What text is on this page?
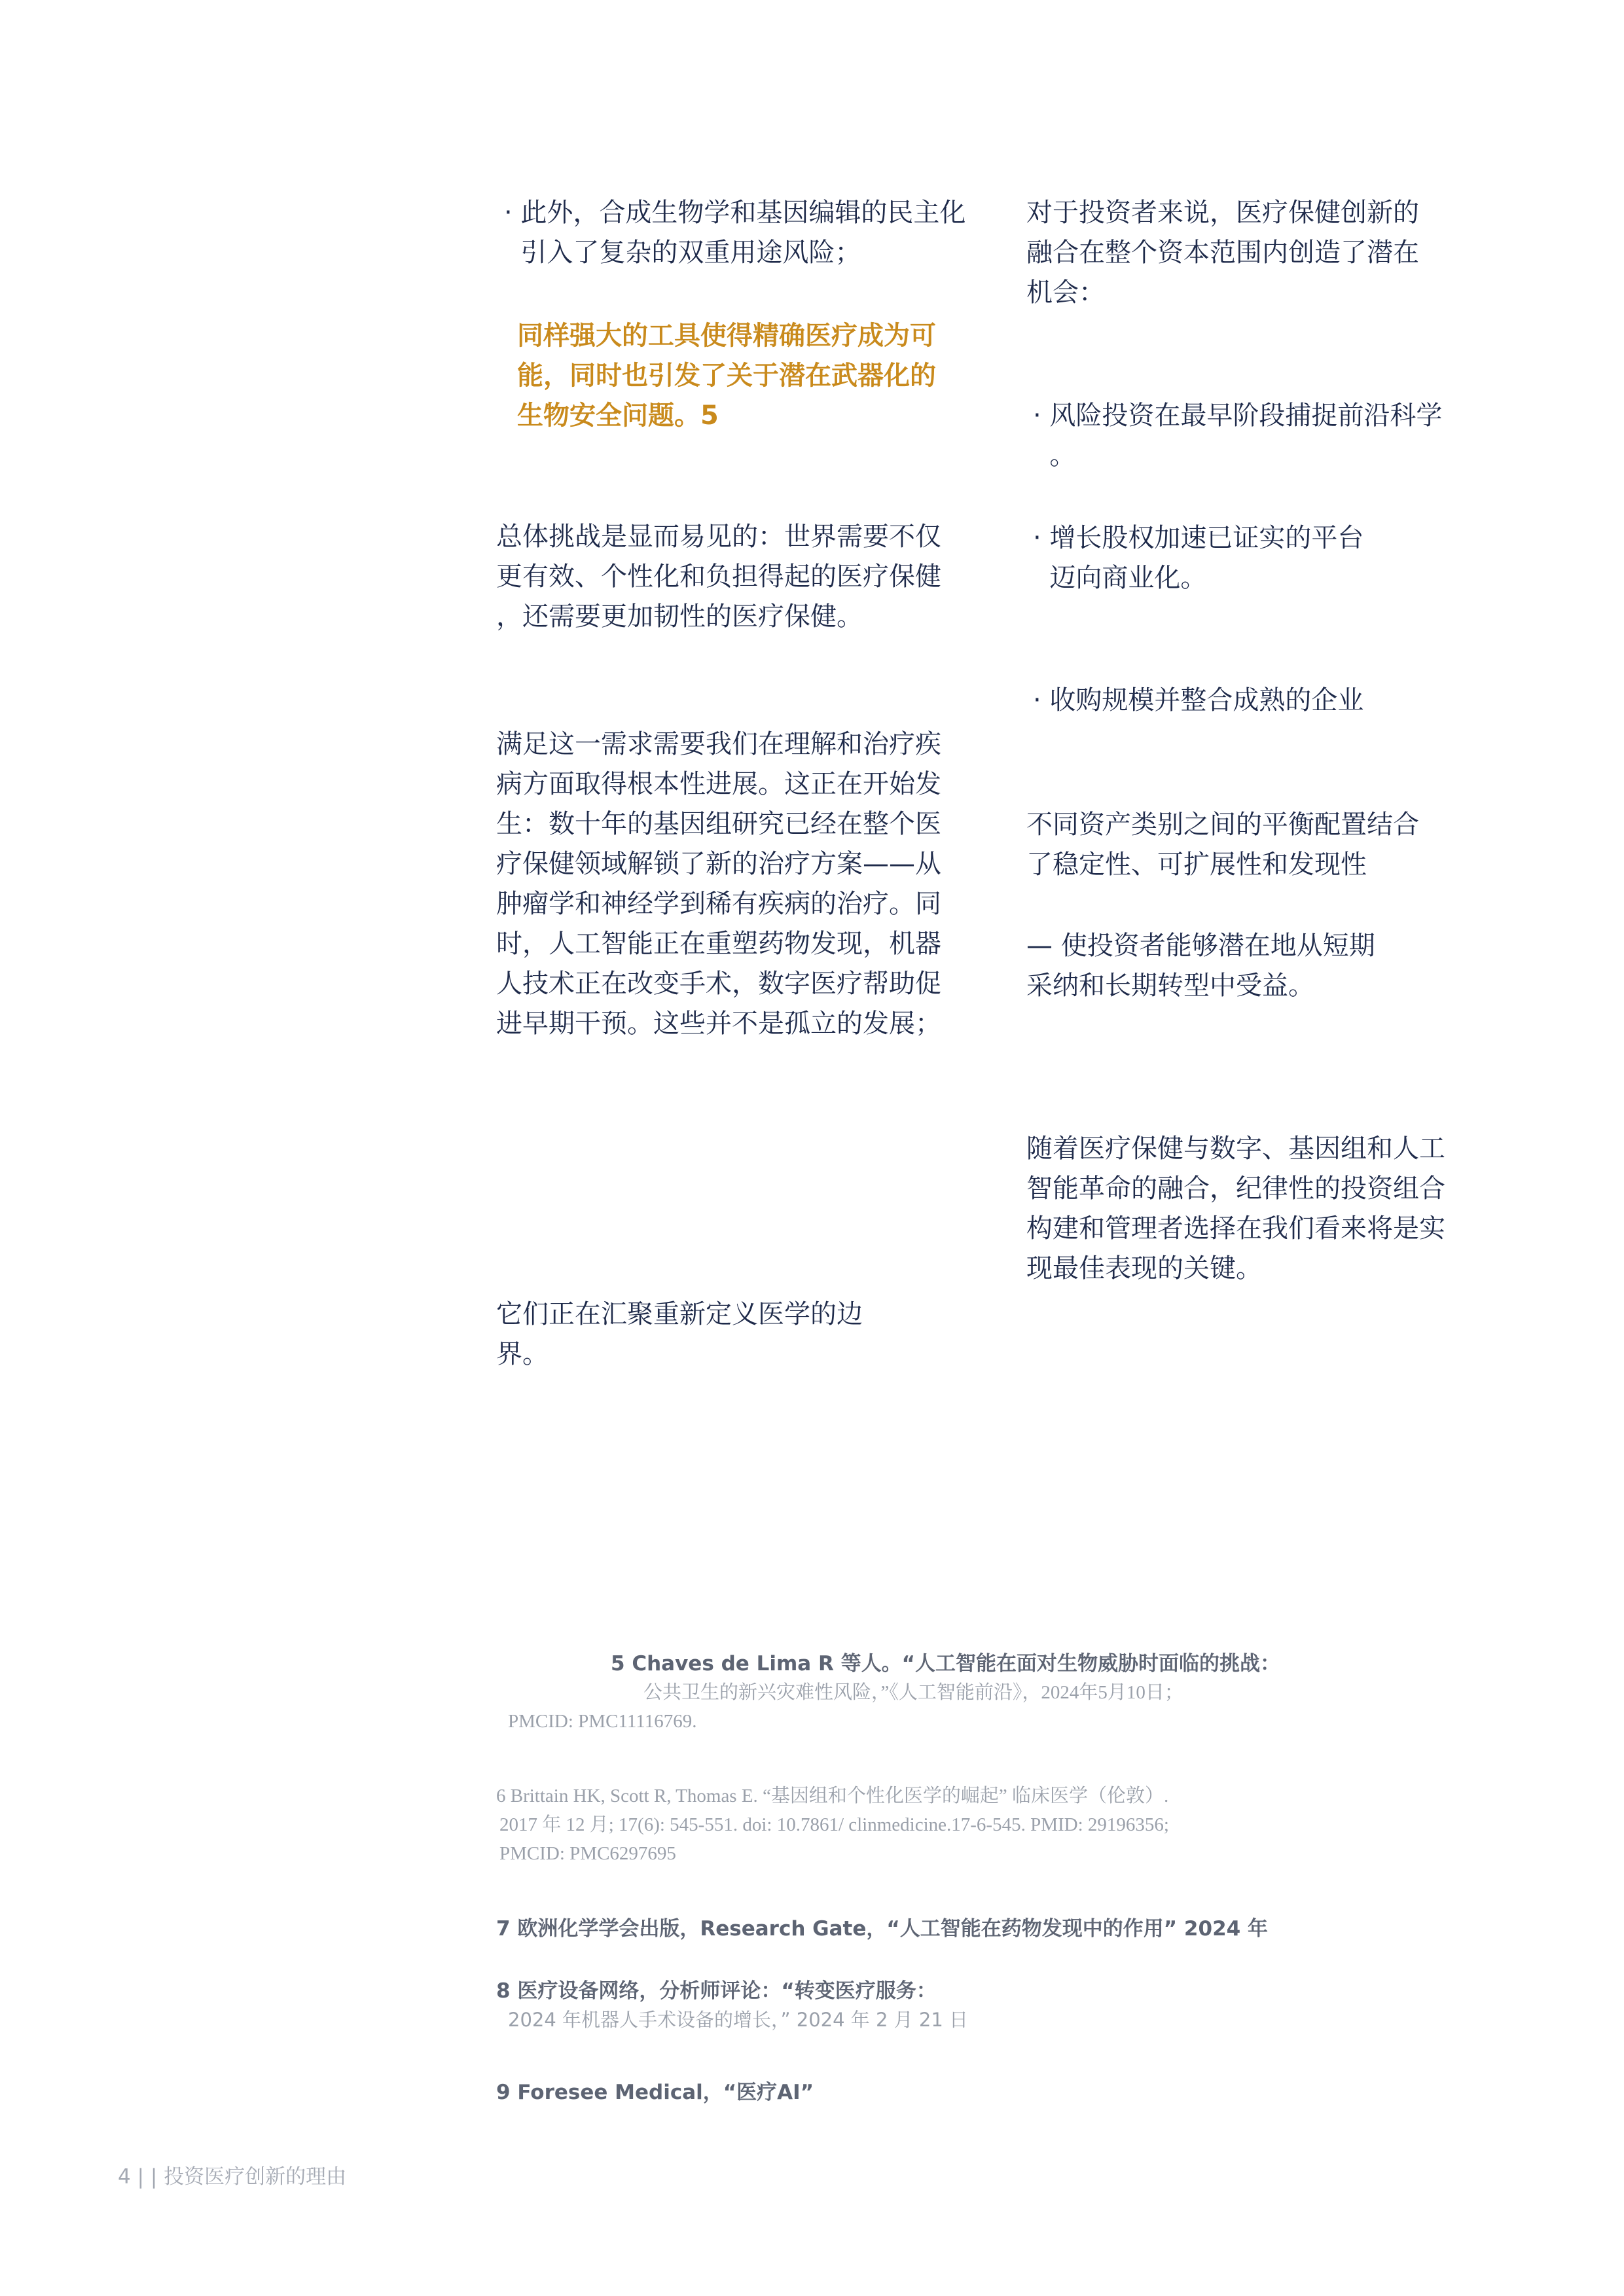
· 此外，合成生物学和基因编辑的民主化
引入了复杂的双重用途风险；
同样强大的工具使得精确医疗成为可
能，同时也引发了关于潜在武器化的
生物安全问题。5
总体挑战是显而易见的：世界需要不仅
更有效、个性化和负担得起的医疗保健
，还需要更加韧性的医疗保健。
满足这一需求需要我们在理解和治疗疾
病方面取得根本性进展。这正在开始发
生：数十年的基因组研究已经在整个医
疗保健领域解锁了新的治疗方案——从
肿瘤学和神经学到稀有疾病的治疗。同
时，人工智能正在重塑药物发现，机器
人技术正在改变手术，数字医疗帮助促
进早期干预。这些并不是孤立的发展；
它们正在汇聚重新定义医学的边
界。
对于投资者来说，医疗保健创新的
融合在整个资本范围内创造了潜在
机会：
· 风险投资在最早阶段捕捉前沿科学
。
· 增长股权加速已证实的平台
迈向商业化。
· 收购规模并整合成熟的企业
不同资产类别之间的平衡配置结合
了稳定性、可扩展性和发现性
— 使投资者能够潜在地从短期
采纳和长期转型中受益。
随着医疗保健与数字、基因组和人工
智能革命的融合，纪律性的投资组合
构建和管理者选择在我们看来将是实
现最佳表现的关键。
5 Chaves de Lima R 等人。“人工智能在面对生物威胁时面临的挑战：
公共卫生的新兴灾难性风险，”《人工智能前沿》，2024年5月10日；
PMCID: PMC11116769.
6 Brittain HK, Scott R, Thomas E. “基因组和个性化医学的崛起” 临床医学（伦敦）.
2017 年 12 月; 17(6): 545-551. doi: 10.7861/ clinmedicine.17-6-545. PMID: 29196356;
PMCID: PMC6297695
7 欧洲化学学会出版，Research Gate，“人工智能在药物发现中的作用” 2024 年
8 医疗设备网络，分析师评论：“转变医疗服务：
2024 年机器人手术设备的增长，” 2024 年 2 月 21 日
9 Foresee Medical，“医疗AI”
4 | | 投资医疗创新的理由
